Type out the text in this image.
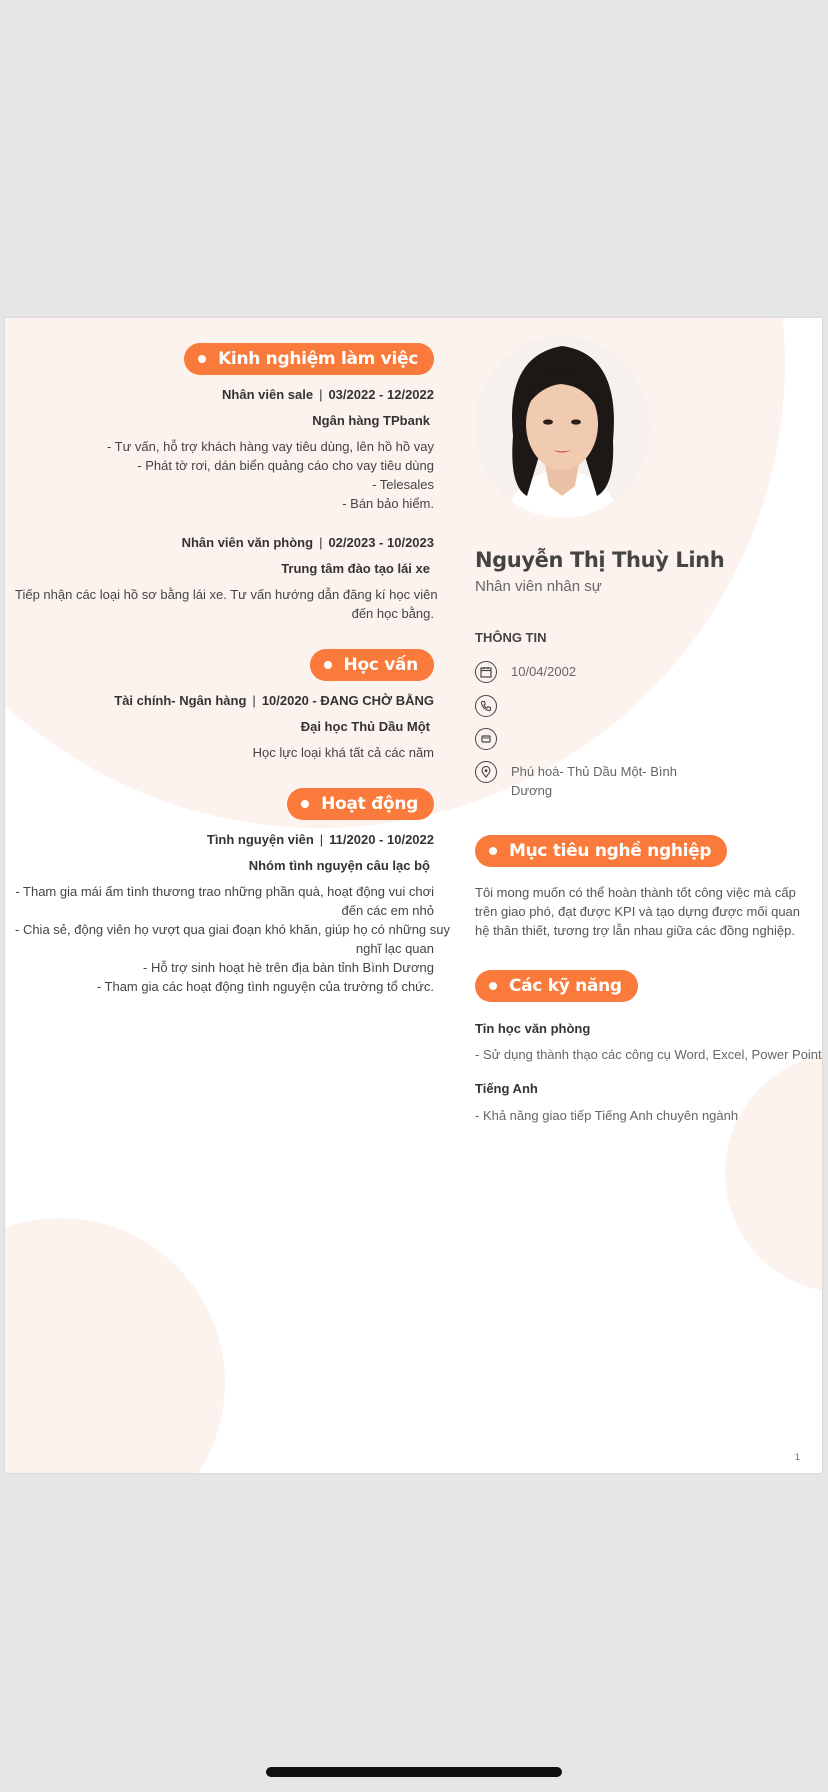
Kinh nghiệm làm việc
Nhân viên sale | 03/2022 - 12/2022
Ngân hàng TPbank
- Tư vấn, hỗ trợ khách hàng vay tiêu dùng, lên hồ hồ vay
- Phát tờ rơi, dán biển quảng cáo cho vay tiêu dùng
- Telesales
- Bán bảo hiểm.
Nhân viên văn phòng | 02/2023 - 10/2023
Trung tâm đào tạo lái xe
Tiếp nhận các loại hồ sơ bằng lái xe. Tư vấn hướng dẫn đăng kí học viên
đến học bằng.
Học vấn
Tài chính- Ngân hàng | 10/2020 - ĐANG CHỜ BẰNG
Đại học Thủ Dầu Một
Học lực loại khá tất cả các năm
Hoạt động
Tình nguyện viên | 11/2020 - 10/2022
Nhóm tình nguyện câu lạc bộ
- Tham gia mái ấm tình thương trao những phần quà, hoạt động vui chơi
đến các em nhỏ
- Chia sẻ, động viên họ vượt qua giai đoạn khó khăn, giúp họ có những suy
nghĩ lạc quan
- Hỗ trợ sinh hoạt hè trên địa bàn tỉnh Bình Dương
- Tham gia các hoạt động tình nguyện của trường tổ chức.
Nguyễn Thị Thuỳ Linh
Nhân viên nhân sự
THÔNG TIN
10/04/2002
Phú hoà- Thủ Dầu Một- Bình Dương
Mục tiêu nghề nghiệp
Tôi mong muốn có thể hoàn thành tốt công việc mà cấp trên giao phó, đạt được KPI và tạo dựng được mối quan hệ thân thiết, tương trợ lẫn nhau giữa các đồng nghiệp.
Các kỹ năng
Tin học văn phòng
- Sử dụng thành thạo các công cụ Word, Excel, Power Point
Tiếng Anh
- Khả năng giao tiếp Tiếng Anh chuyên ngành
1
